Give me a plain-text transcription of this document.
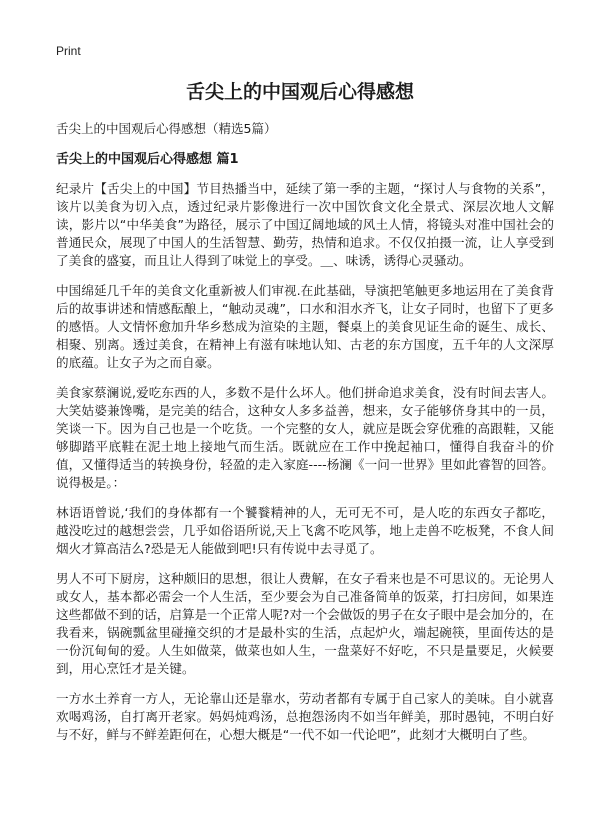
Print
舌尖上的中国观后心得感想

舌尖上的中国观后心得感想（精选5篇）

舌尖上的中国观后心得感想 篇1

纪录片【舌尖上的中国】节目热播当中，延续了第一季的主题，“探讨人与食物的关系”，该片以美食为切入点，透过纪录片影像进行一次中国饮食文化全景式、深层次地人文解读，影片以“中华美食”为路径，展示了中国辽阔地域的风土人情，将镜头对准中国社会的普通民众，展现了中国人的生活智慧、勤劳，热情和追求。不仅仅拍摄一流，让人享受到了美食的盛宴，而且让人得到了味觉上的享受。＿、味诱，诱得心灵骚动。

中国绵延几千年的美食文化重新被人们审视.在此基础，导演把笔触更多地运用在了美食背后的故事讲述和情感酝酿上，“触动灵魂”，口水和泪水齐飞，让女子同时，也留下了更多的感悟。人文情怀愈加升华乡愁成为渲染的主题，餐桌上的美食见证生命的诞生、成长、相聚、别离。透过美食，在精神上有滋有味地认知、古老的东方国度，五千年的人文深厚的底蕴。让女子为之而自豪。

美食家蔡澜说,爱吃东西的人，多数不是什么坏人。他们拼命追求美食，没有时间去害人。大笑姑婆兼馋嘴，是完美的结合，这种女人多多益善，想来，女子能够侪身其中的一员，笑谈一下。因为自己也是一个吃货。一个完整的女人，就应是既会穿优雅的高跟鞋，又能够脚踏平底鞋在泥土地上接地气而生活。既就应在工作中挽起袖口，懂得自我奋斗的价值，又懂得适当的转换身份，轻盈的走入家庭----杨澜《一问一世界》里如此睿智的回答。说得极是。：

林语语曾说,‘我们的身体都有一个饕餮精神的人，无可无不可，是人吃的东西女子都吃，越没吃过的越想尝尝，几乎如俗语所说,天上飞禽不吃风筝，地上走兽不吃板凳，不食人间烟火才算高洁么?恐是无人能做到吧!只有传说中去寻觅了。

男人不可下厨房，这种颇旧的思想，很让人费解，在女子看来也是不可思议的。无论男人或女人，基本都必需会一个人生活，至少要会为自己准备简单的饭菜，打扫房间，如果连这些都做不到的话，启算是一个正常人呢?对一个会做饭的男子在女子眼中是会加分的，在我看来，锅碗瓢盆里碰撞交织的才是最朴实的生活，点起炉火，端起碗筷，里面传达的是一份沉甸甸的爱。人生如做菜，做菜也如人生，一盘菜好不好吃，不只是量要足，火候要到，用心烹饪才是关键。

一方水土养育一方人，无论靠山还是靠水，劳动者都有专属于自己家人的美味。自小就喜欢喝鸡汤，自打离开老家。妈妈炖鸡汤，总抱怨汤肉不如当年鲜美，那时愚钝，不明白好与不好，鲜与不鲜差距何在，心想大概是“一代不如一代论吧”，此刻才大概明白了些。
